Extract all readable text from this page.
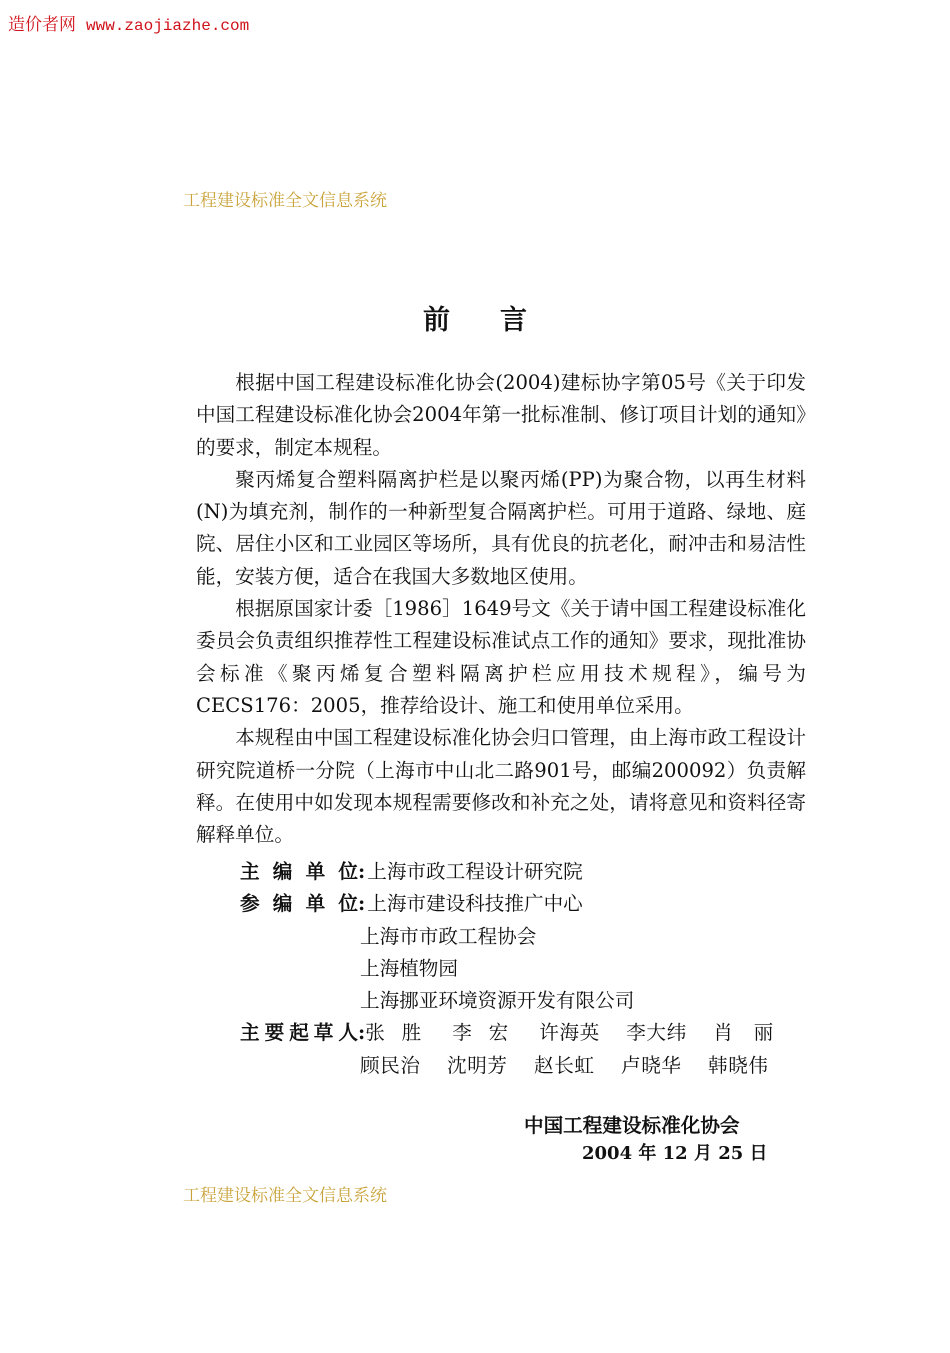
造价者网 www.zaojiazhe.com
工程建设标准全文信息系统
前言

根据中国工程建设标准化协会(2004)建标协字第05号《关于印发中国工程建设标准化协会2004年第一批标准制、修订项目计划的通知》的要求，制定本规程。

聚丙烯复合塑料隔离护栏是以聚丙烯(PP)为聚合物，以再生材料(N)为填充剂，制作的一种新型复合隔离护栏。可用于道路、绿地、庭院、居住小区和工业园区等场所，具有优良的抗老化，耐冲击和易洁性能，安装方便，适合在我国大多数地区使用。

根据原国家计委［1986］1649号文《关于请中国工程建设标准化委员会负责组织推荐性工程建设标准试点工作的通知》要求，现批准协会标准《聚丙烯复合塑料隔离护栏应用技术规程》，编号为CECS176：2005，推荐给设计、施工和使用单位采用。

本规程由中国工程建设标准化协会归口管理，由上海市政工程设计研究院道桥一分院（上海市中山北二路901号，邮编200092）负责解释。在使用中如发现本规程需要修改和补充之处，请将意见和资料径寄解释单位。

主编单位 : 上海市政工程设计研究院
参编单位 : 上海市建设科技推广中心
上海市市政工程协会
上海植物园
上海挪亚环境资源开发有限公司
主要起草人 : 张胜 李宏 许海英 李大纬 肖丽
顾民治 沈明芳 赵长虹 卢晓华 韩晓伟
中国工程建设标准化协会
2004 年 12 月 25 日
工程建设标准全文信息系统
